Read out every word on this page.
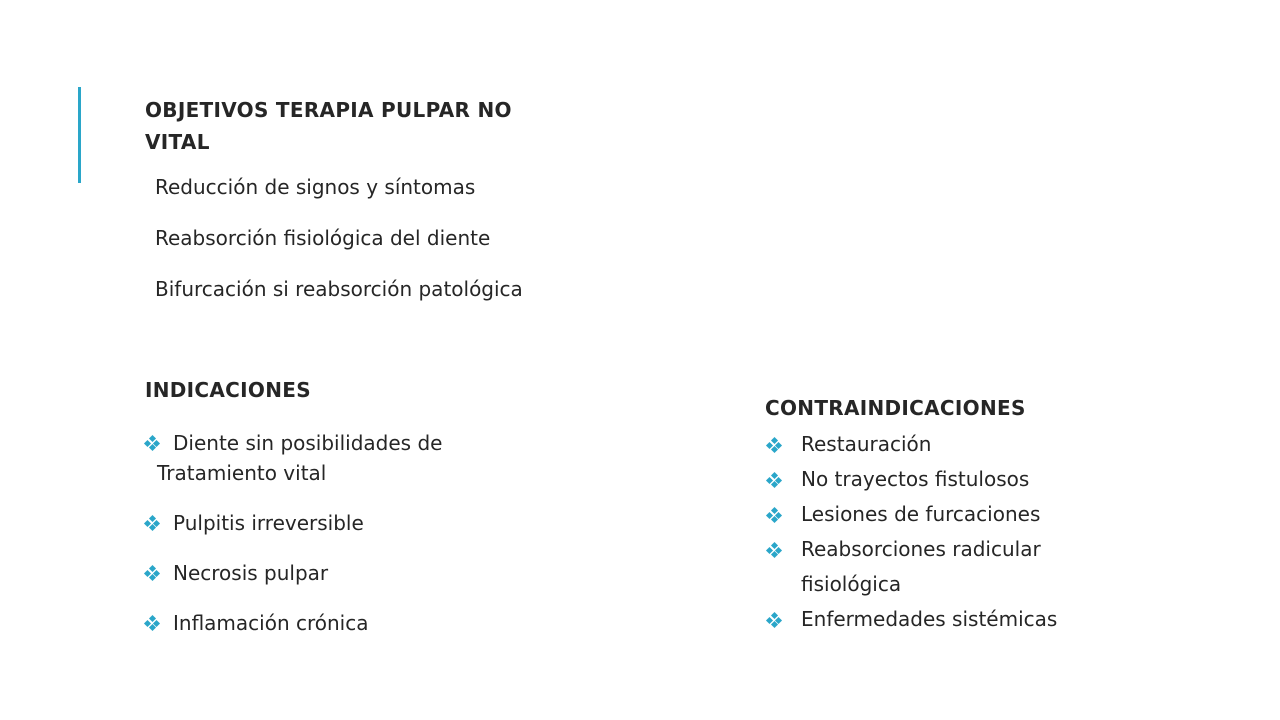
OBJETIVOS TERAPIA PULPAR NO VITAL
Reducción de signos y síntomas
Reabsorción fisiológica del diente
Bifurcación si reabsorción patológica
INDICACIONES
Diente sin posibilidades de Tratamiento vital
Pulpitis irreversible
Necrosis pulpar
Inflamación crónica
CONTRAINDICACIONES
Restauración
No trayectos fistulosos
Lesiones de furcaciones
Reabsorciones radicular fisiológica
Enfermedades sistémicas
